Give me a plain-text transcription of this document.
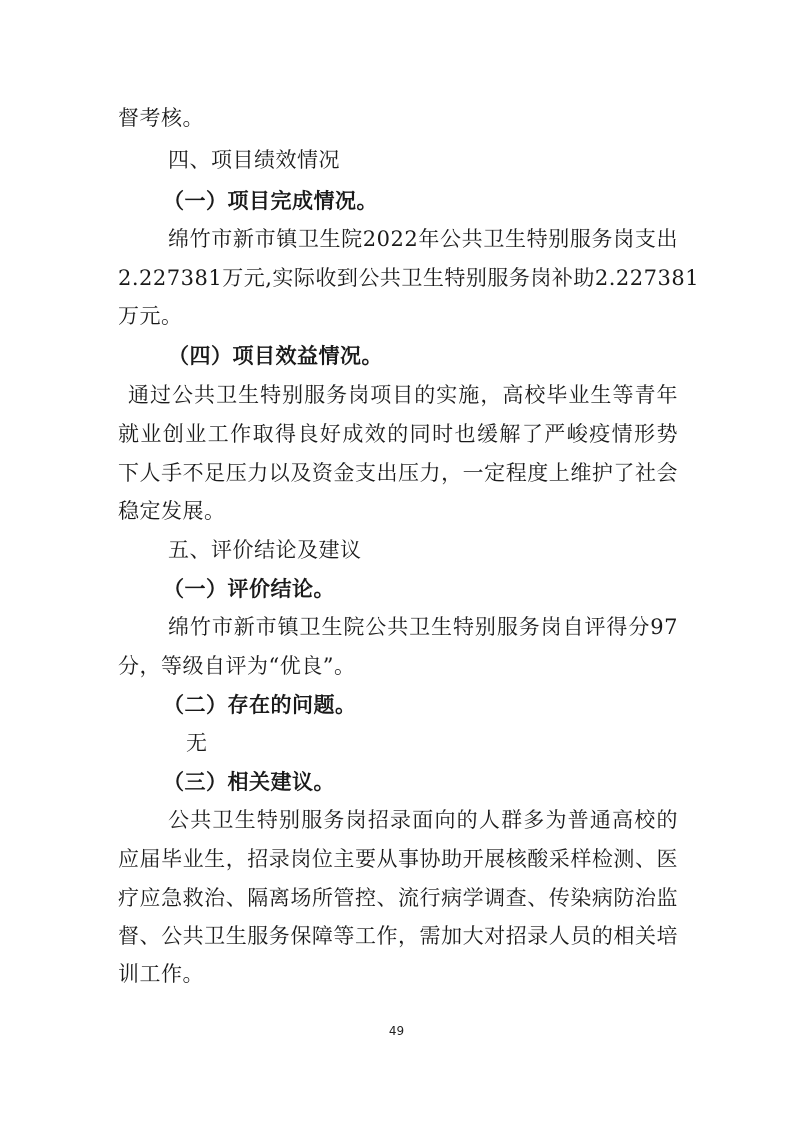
督考核。
四、项目绩效情况
（一）项目完成情况。
绵竹市新市镇卫生院2022年公共卫生特别服务岗支出
2.227381万元,实际收到公共卫生特别服务岗补助2.227381
万元。
（四）项目效益情况。
通过公共卫生特别服务岗项目的实施，高校毕业生等青年
就业创业工作取得良好成效的同时也缓解了严峻疫情形势
下人手不足压力以及资金支出压力，一定程度上维护了社会
稳定发展。
五、评价结论及建议
（一）评价结论。
绵竹市新市镇卫生院公共卫生特别服务岗自评得分97
分，等级自评为“优良”。
（二）存在的问题。
无
（三）相关建议。
公共卫生特别服务岗招录面向的人群多为普通高校的
应届毕业生，招录岗位主要从事协助开展核酸采样检测、医
疗应急救治、隔离场所管控、流行病学调查、传染病防治监
督、公共卫生服务保障等工作，需加大对招录人员的相关培
训工作。
49
